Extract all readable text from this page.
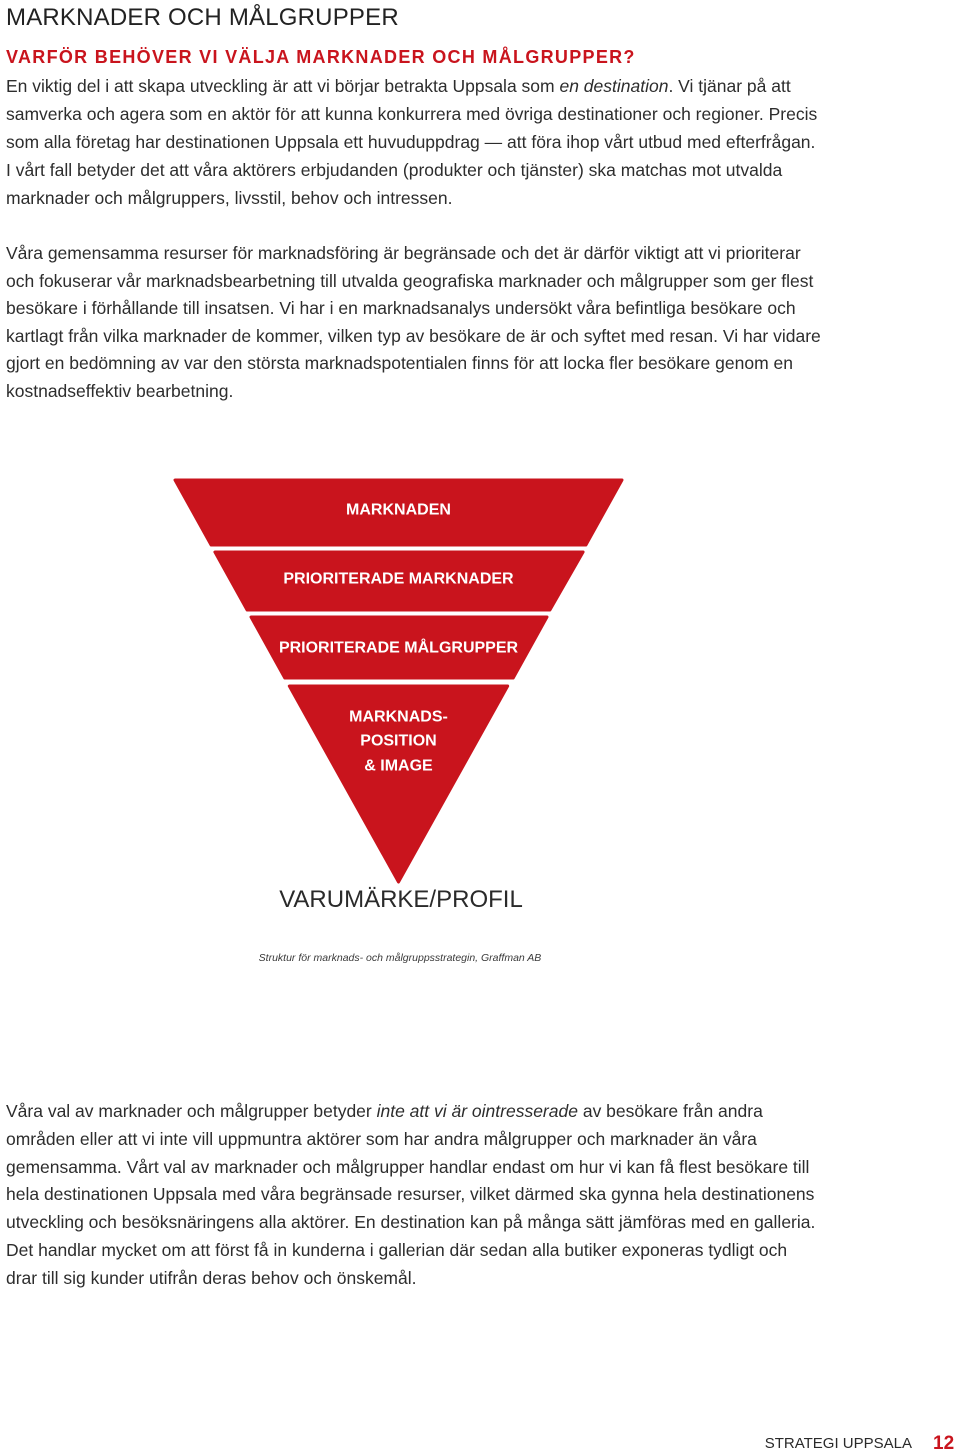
MARKNADER OCH MÅLGRUPPER
VARFÖR BEHÖVER VI VÄLJA MARKNADER OCH MÅLGRUPPER?
En viktig del i att skapa utveckling är att vi börjar betrakta Uppsala som en destination. Vi tjänar på att
samverka och agera som en aktör för att kunna konkurrera med övriga destinationer och regioner. Precis
som alla företag har destinationen Uppsala ett huvuduppdrag — att föra ihop vårt utbud med efterfrågan.
I vårt fall betyder det att våra aktörers erbjudanden (produkter och tjänster) ska matchas mot utvalda
marknader och målgruppers, livsstil, behov och intressen.
Våra gemensamma resurser för marknadsföring är begränsade och det är därför viktigt att vi prioriterar
och fokuserar vår marknadsbearbetning till utvalda geografiska marknader och målgrupper som ger flest
besökare i förhållande till insatsen. Vi har i en marknadsanalys undersökt våra befintliga besökare och
kartlagt från vilka marknader de kommer, vilken typ av besökare de är och syftet med resan. Vi har vidare
gjort en bedömning av var den största marknadspotentialen finns för att locka fler besökare genom en
kostnadseffektiv bearbetning.
MARKNADEN
PRIORITERADE MARKNADER
PRIORITERADE MÅLGRUPPER
MARKNADS-
POSITION
& IMAGE
VARUMÄRKE/PROFIL
Struktur för marknads- och målgruppsstrategin, Graffman AB
Våra val av marknader och målgrupper betyder inte att vi är ointresserade av besökare från andra
områden eller att vi inte vill uppmuntra aktörer som har andra målgrupper och marknader än våra
gemensamma. Vårt val av marknader och målgrupper handlar endast om hur vi kan få flest besökare till
hela destinationen Uppsala med våra begränsade resurser, vilket därmed ska gynna hela destinationens
utveckling och besöksnäringens alla aktörer. En destination kan på många sätt jämföras med en galleria.
Det handlar mycket om att först få in kunderna i gallerian där sedan alla butiker exponeras tydligt och
drar till sig kunder utifrån deras behov och önskemål.
STRATEGI UPPSALA 12
